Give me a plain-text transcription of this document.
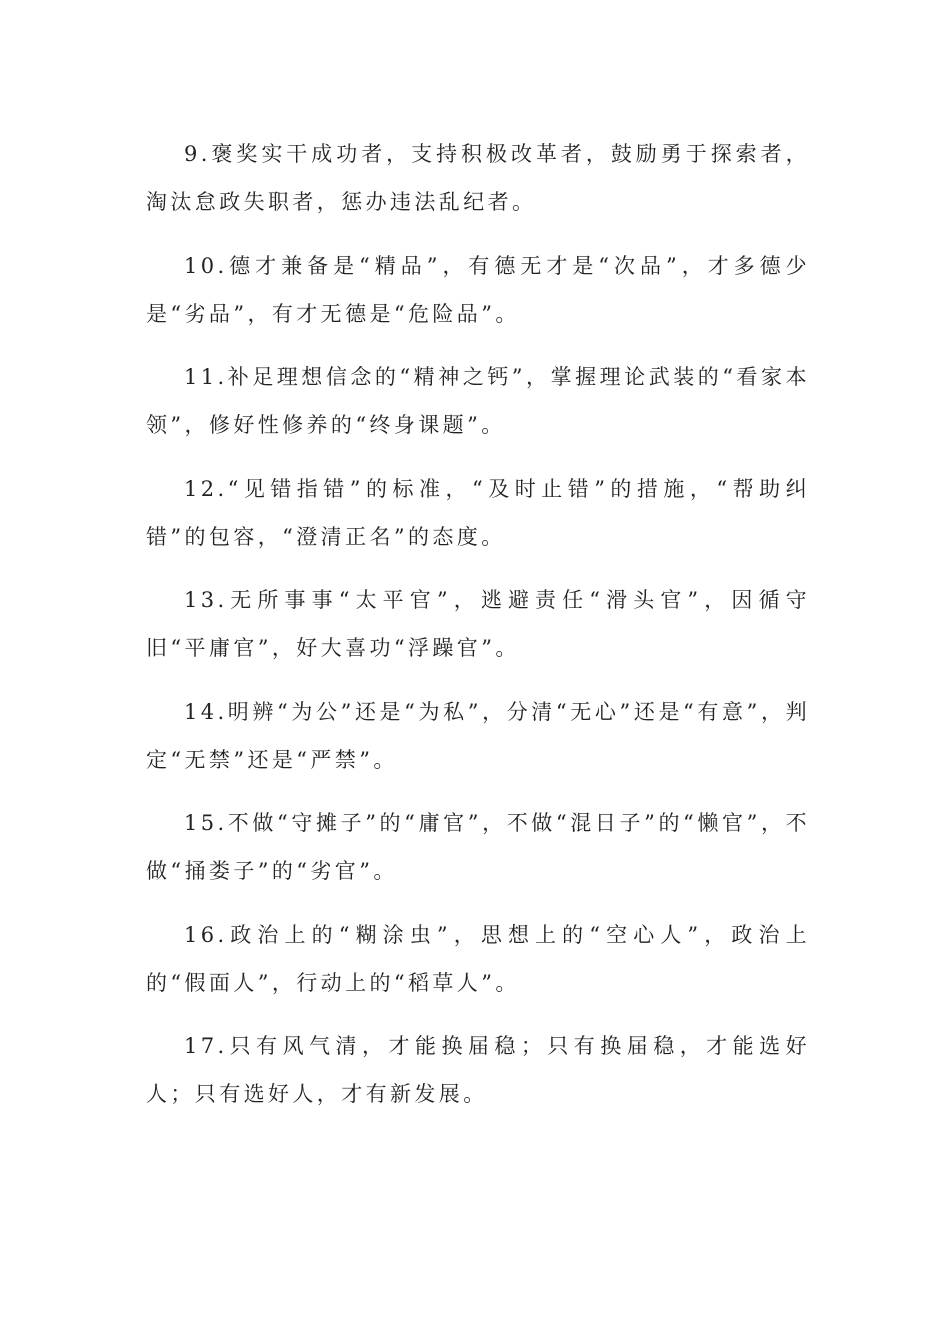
9.褒奖实干成功者，支持积极改革者，鼓励勇于探索者，淘汰怠政失职者，惩办违法乱纪者。

10.德才兼备是“精品”，有德无才是“次品”，才多德少是“劣品”，有才无德是“危险品”。

11.补足理想信念的“精神之钙”，掌握理论武装的“看家本领”，修好性修养的“终身课题”。

12.“见错指错”的标准，“及时止错”的措施，“帮助纠错”的包容，“澄清正名”的态度。

13.无所事事“太平官”，逃避责任“滑头官”，因循守旧“平庸官”，好大喜功“浮躁官”。

14.明辨“为公”还是“为私”，分清“无心”还是“有意”，判定“无禁”还是“严禁”。

15.不做“守摊子”的“庸官”，不做“混日子”的“懒官”，不做“捅娄子”的“劣官”。

16.政治上的“糊涂虫”，思想上的“空心人”，政治上的“假面人”，行动上的“稻草人”。

17.只有风气清，才能换届稳；只有换届稳，才能选好人；只有选好人，才有新发展。
